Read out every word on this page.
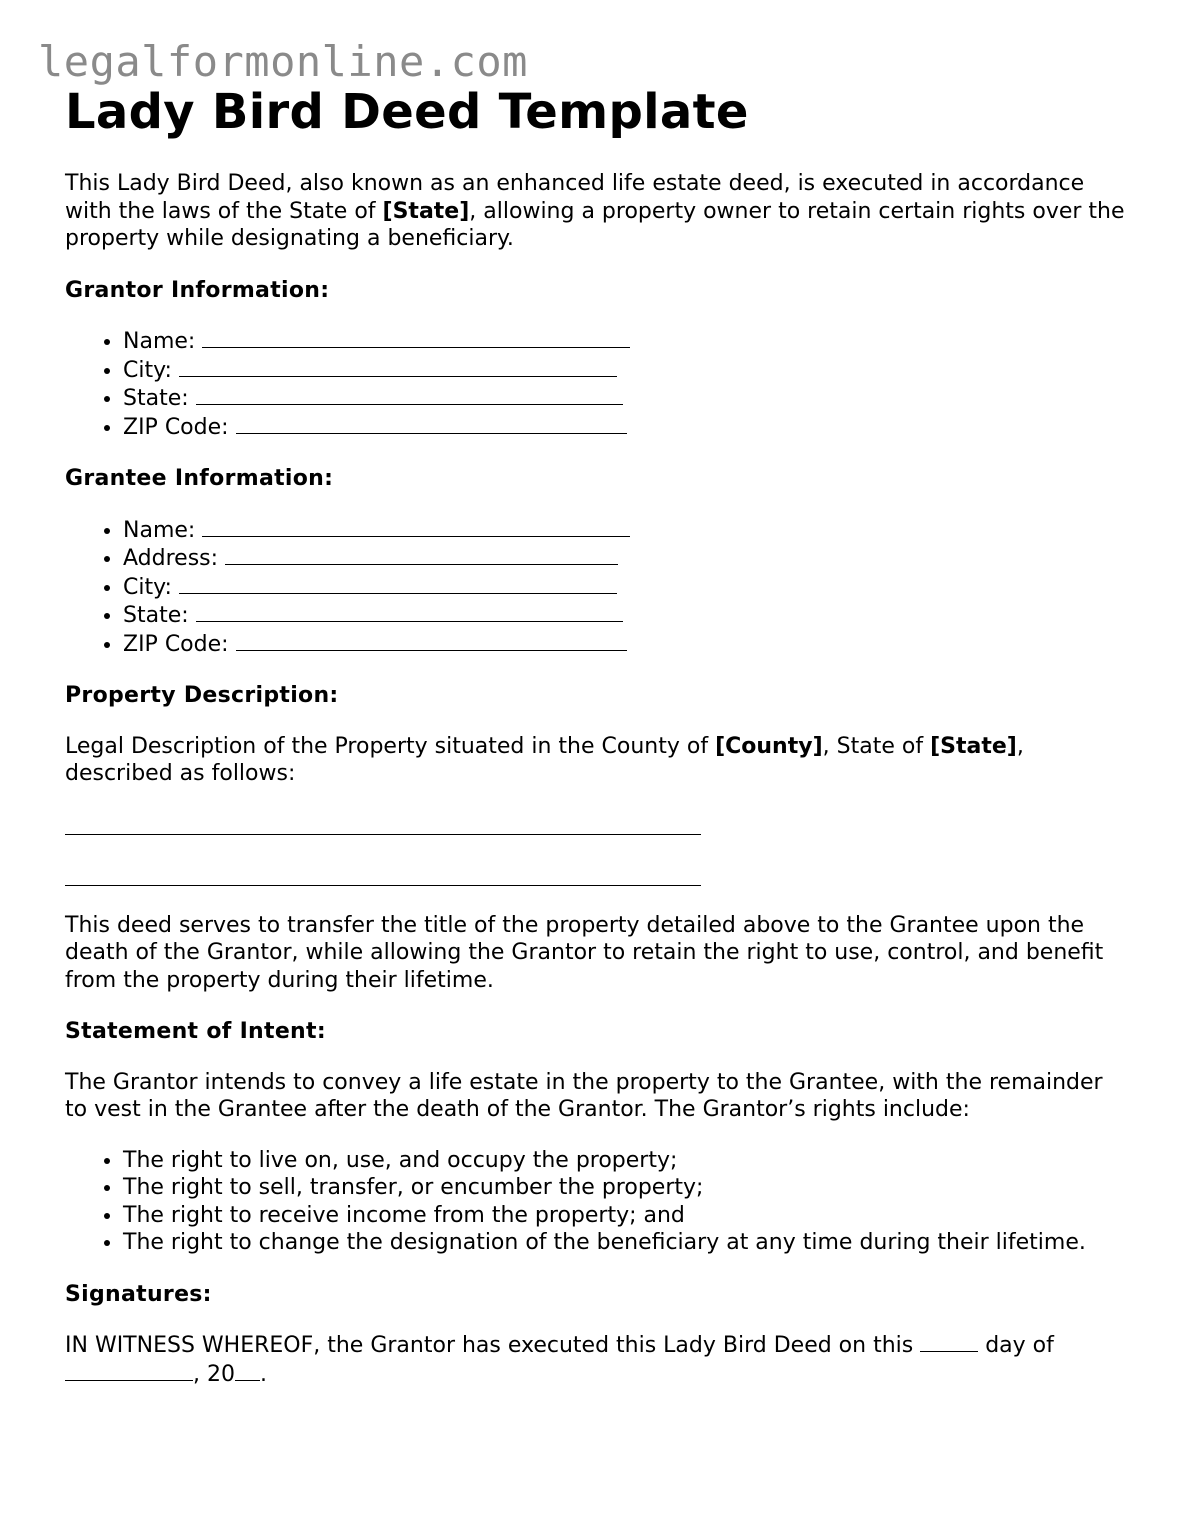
legalformonline.com
Lady Bird Deed Template

This Lady Bird Deed, also known as an enhanced life estate deed, is executed in accordance with the laws of the State of [State], allowing a property owner to retain certain rights over the property while designating a beneficiary.

Grantor Information:
• Name:
• City:
• State:
• ZIP Code:
Grantee Information:
• Name:
• Address:
• City:
• State:
• ZIP Code:
Property Description:

Legal Description of the Property situated in the County of [County], State of [State], described as follows:

This deed serves to transfer the title of the property detailed above to the Grantee upon the death of the Grantor, while allowing the Grantor to retain the right to use, control, and benefit from the property during their lifetime.

Statement of Intent:

The Grantor intends to convey a life estate in the property to the Grantee, with the remainder to vest in the Grantee after the death of the Grantor. The Grantor’s rights include:

• The right to live on, use, and occupy the property;
• The right to sell, transfer, or encumber the property;
• The right to receive income from the property; and
• The right to change the designation of the beneficiary at any time during their lifetime.
Signatures:

IN WITNESS WHEREOF, the Grantor has executed this Lady Bird Deed on this	day of , 20 .
